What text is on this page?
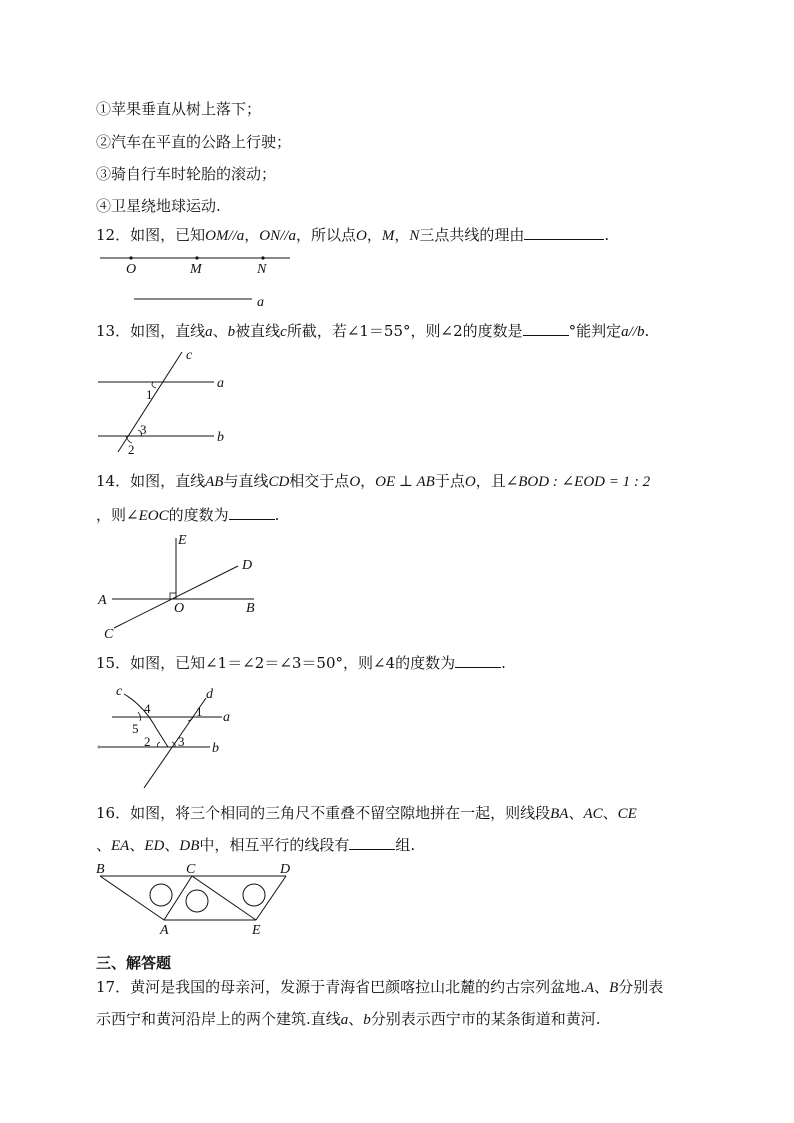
①苹果垂直从树上落下；
②汽车在平直的公路上行驶；
③骑自行车时轮胎的滚动；
④卫星绕地球运动.
12．如图，已知OM//a，ON//a，所以点O，M，N三点共线的理由	.
O	M	N
a
13．如图，直线a、b被直线c所截，若∠1＝55°，则∠2的度数是	°能判定a//b.
c
a
b
1
3
2
14．如图，直线AB与直线CD相交于点O，OE ⊥ AB于点O，且∠BOD : ∠EOD = 1 : 2
，则∠EOC的度数为	.
E
D
A
O	B
C
15．如图，已知∠1＝∠2＝∠3＝50°，则∠4的度数为	.
c	d
a
b
4	1
5
2 3
16．如图，将三个相同的三角尺不重叠不留空隙地拼在一起，则线段BA、AC、CE
、EA、ED、DB中，相互平行的线段有	组.
B	C	D
A	E
三、解答题
17．黄河是我国的母亲河，发源于青海省巴颜喀拉山北麓的约古宗列盆地.A、B分别表
示西宁和黄河沿岸上的两个建筑.直线a、b分别表示西宁市的某条街道和黄河.
